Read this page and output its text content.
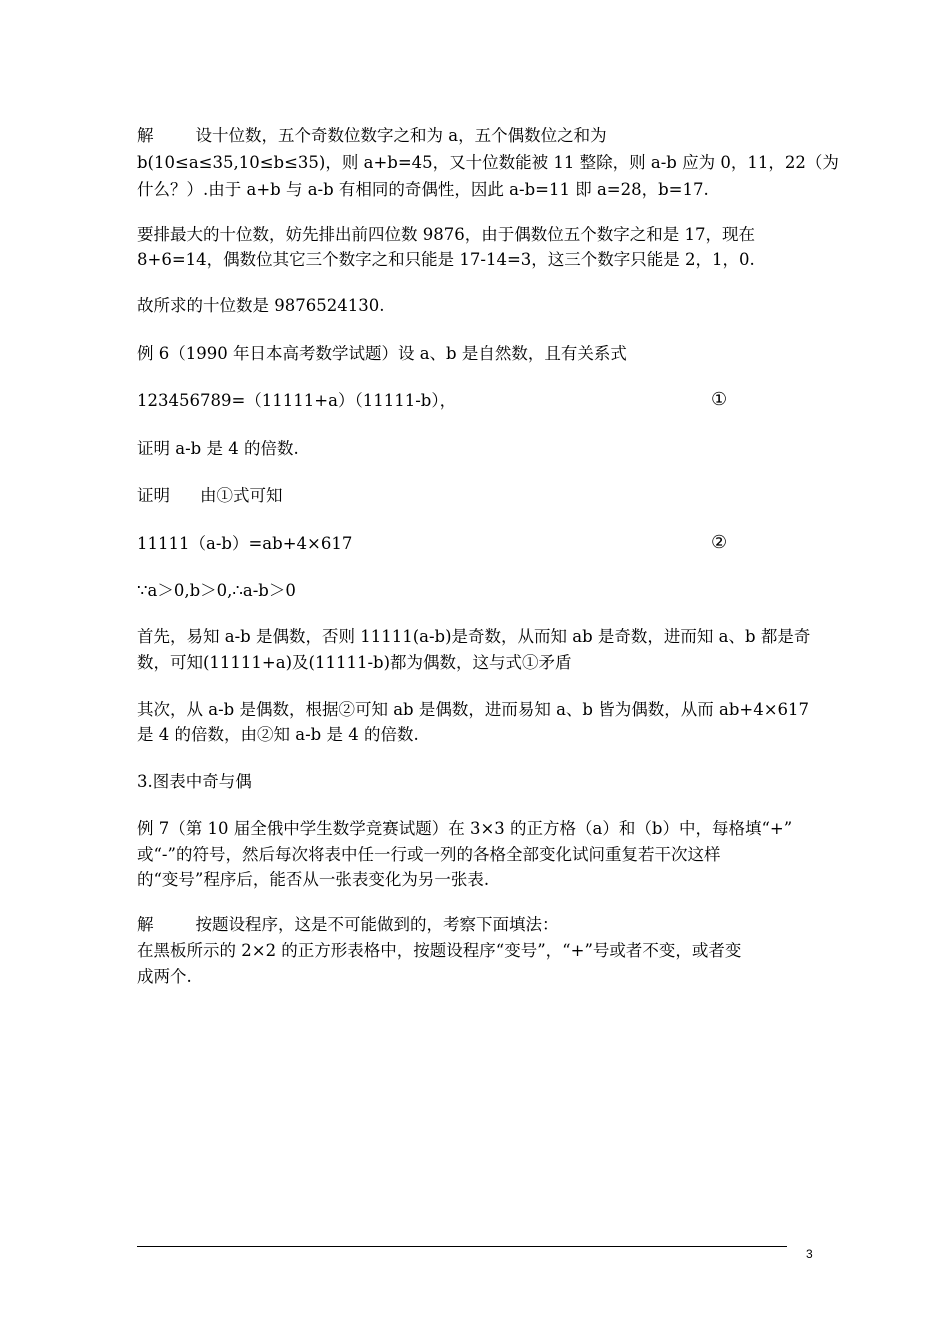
解	设十位数，五个奇数位数字之和为 a，五个偶数位之和为
b(10≤a≤35,10≤b≤35)，则 a+b=45，又十位数能被 11 整除，则 a-b 应为 0，11，22（为
什么？）.由于 a+b 与 a-b 有相同的奇偶性，因此 a-b=11 即 a=28，b=17.
要排最大的十位数，妨先排出前四位数 9876，由于偶数位五个数字之和是 17，现在
8+6=14，偶数位其它三个数字之和只能是 17-14=3，这三个数字只能是 2，1，0.
故所求的十位数是 9876524130.
例 6（1990 年日本高考数学试题）设 a、b 是自然数，且有关系式
123456789=（11111+a）（11111-b），	①
证明 a-b 是 4 的倍数.
证明 由①式可知
11111（a-b）=ab+4×617	②
∵a＞0,b＞0,∴a-b＞0
首先，易知 a-b 是偶数，否则 11111(a-b)是奇数，从而知 ab 是奇数，进而知 a、b 都是奇
数，可知(11111+a)及(11111-b)都为偶数，这与式①矛盾
其次，从 a-b 是偶数，根据②可知 ab 是偶数，进而易知 a、b 皆为偶数，从而 ab+4×617
是 4 的倍数，由②知 a-b 是 4 的倍数.
3.图表中奇与偶
例 7（第 10 届全俄中学生数学竞赛试题）在 3×3 的正方格（a）和（b）中，每格填“+”
或“-”的符号，然后每次将表中任一行或一列的各格全部变化试问重复若干次这样
的“变号”程序后，能否从一张表变化为另一张表.
解	按题设程序，这是不可能做到的，考察下面填法：
在黑板所示的 2×2 的正方形表格中，按题设程序“变号”，“+”号或者不变，或者变
成两个.
3
